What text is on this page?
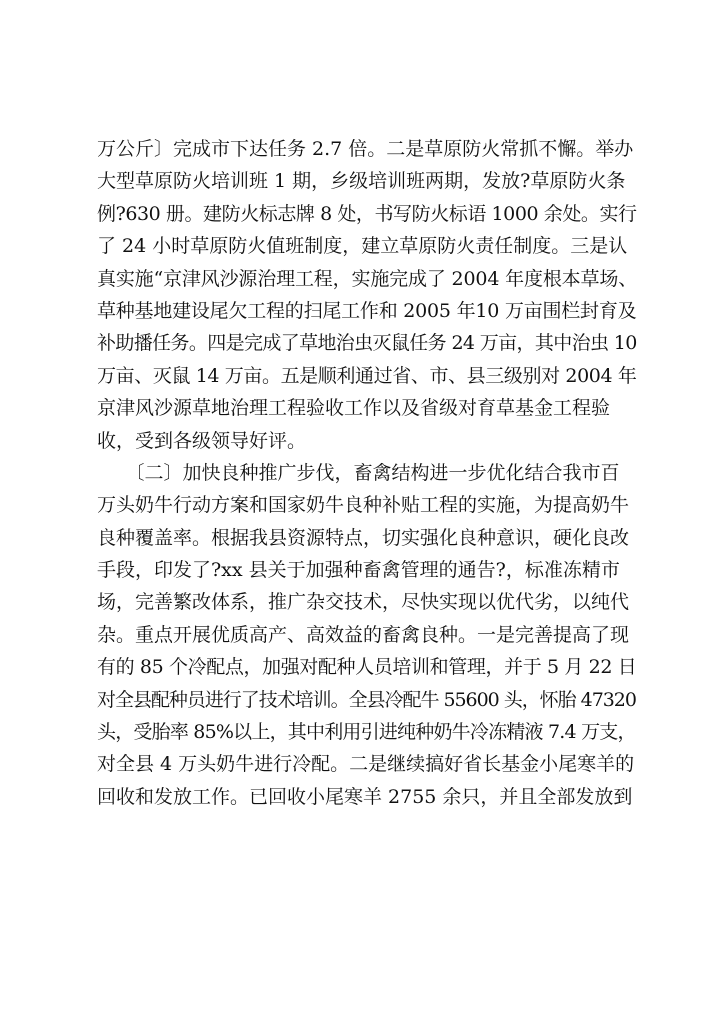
万公斤〕完成市下达任务 2.7 倍。二是草原防火常抓不懈。举办
大型草原防火培训班 1 期，乡级培训班两期，发放?草原防火条
例?630 册。建防火标志牌 8 处，书写防火标语 1000 余处。实行
了 24 小时草原防火值班制度，建立草原防火责任制度。三是认
真实施“京津风沙源治理工程，实施完成了 2004 年度根本草场、
草种基地建设尾欠工程的扫尾工作和 2005 年10 万亩围栏封育及
补助播任务。四是完成了草地治虫灭鼠任务 24 万亩，其中治虫 10
万亩、灭鼠 14 万亩。五是顺利通过省、市、县三级别对 2004 年
京津风沙源草地治理工程验收工作以及省级对育草基金工程验
收，受到各级领导好评。
　　〔二〕加快良种推广步伐，畜禽结构进一步优化结合我市百
万头奶牛行动方案和国家奶牛良种补贴工程的实施，为提高奶牛
良种覆盖率。根据我县资源特点，切实强化良种意识，硬化良改
手段，印发了?xx 县关于加强种畜禽管理的通告?，标准冻精市
场，完善繁改体系，推广杂交技术，尽快实现以优代劣，以纯代
杂。重点开展优质高产、高效益的畜禽良种。一是完善提高了现
有的 85 个冷配点，加强对配种人员培训和管理，并于 5 月 22 日
对全县配种员进行了技术培训。全县冷配牛 55600 头，怀胎 47320
头，受胎率 85%以上，其中利用引进纯种奶牛冷冻精液 7.4 万支，
对全县 4 万头奶牛进行冷配。二是继续搞好省长基金小尾寒羊的
回收和发放工作。已回收小尾寒羊 2755 余只，并且全部发放到
